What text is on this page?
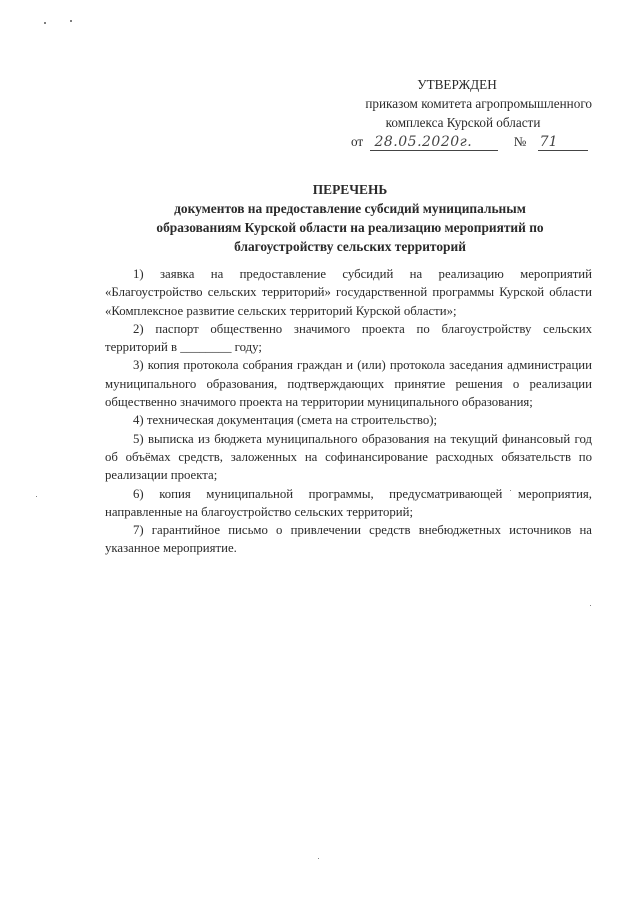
УТВЕРЖДЕН
приказом комитета агропромышленного
комплекса Курской области
от 28.05.2020г.	№ 71
ПЕРЕЧЕНЬ
документов на предоставление субсидий муниципальным
образованиям Курской области на реализацию мероприятий по
благоустройству сельских территорий

1) заявка на предоставление субсидий на реализацию мероприятий «Благоустройство сельских территорий» государственной программы Курской области «Комплексное развитие сельских территорий Курской области»;

2) паспорт общественно значимого проекта по благоустройству сельских территорий в ________ году;

3) копия протокола собрания граждан и (или) протокола заседания администрации муниципального образования, подтверждающих принятие решения о реализации общественно значимого проекта на территории муниципального образования;

4) техническая документация (смета на строительство);

5) выписка из бюджета муниципального образования на текущий финансовый год об объёмах средств, заложенных на софинансирование расходных обязательств по реализации проекта;

6) копия муниципальной программы, предусматривающей мероприятия, направленные на благоустройство сельских территорий;

7) гарантийное письмо о привлечении средств внебюджетных источников на указанное мероприятие.
